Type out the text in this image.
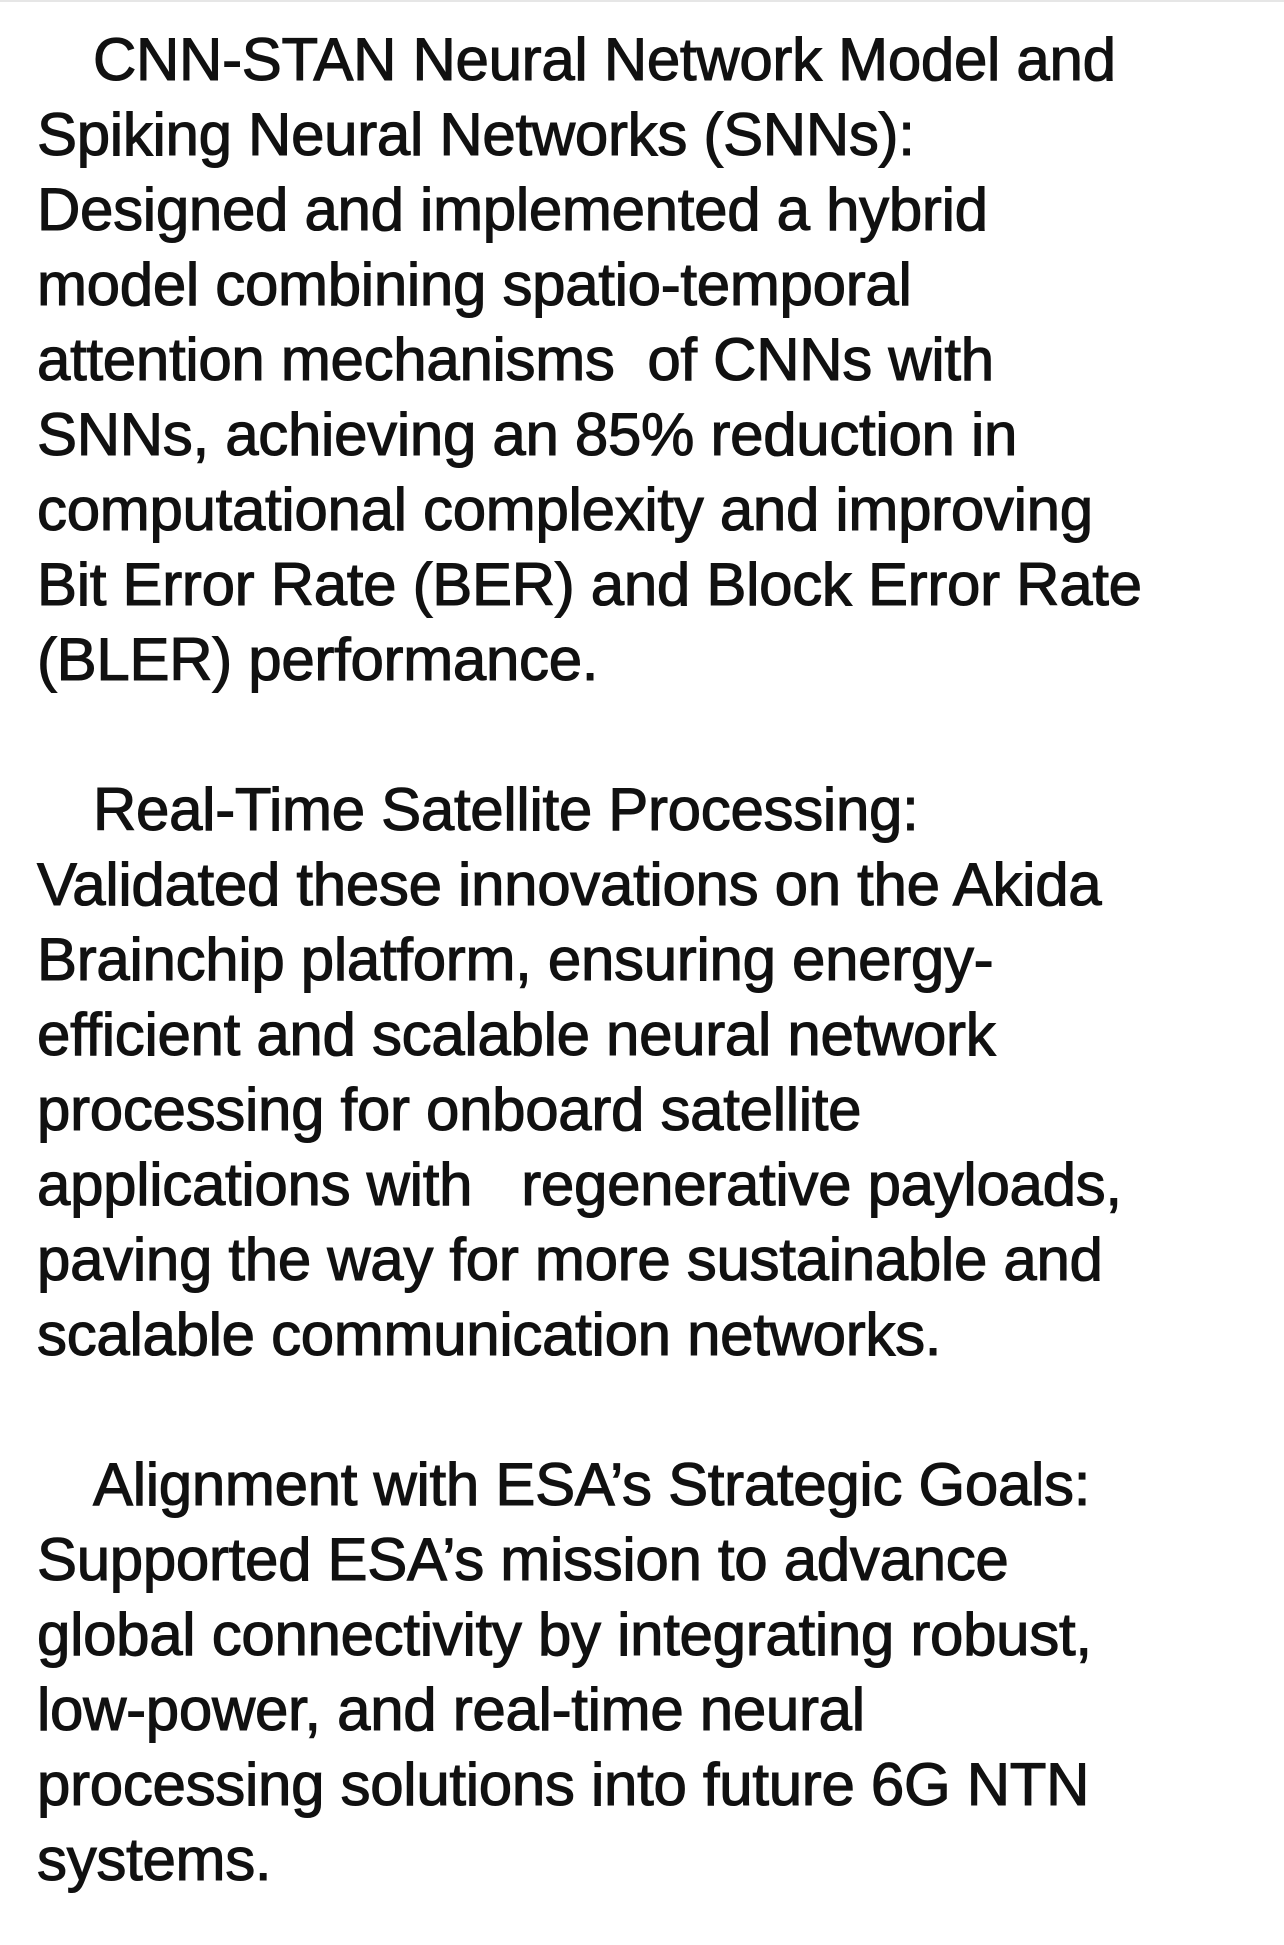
CNN-STAN Neural Network Model and
Spiking Neural Networks (SNNs):
Designed and implemented a hybrid
model combining spatio-temporal
attention mechanisms  of CNNs with
SNNs, achieving an 85% reduction in
computational complexity and improving
Bit Error Rate (BER) and Block Error Rate
(BLER) performance.

Real-Time Satellite Processing:
Validated these innovations on the Akida
Brainchip platform, ensuring energy-
efficient and scalable neural network
processing for onboard satellite
applications with   regenerative payloads,
paving the way for more sustainable and
scalable communication networks.

Alignment with ESA’s Strategic Goals:
Supported ESA’s mission to advance
global connectivity by integrating robust,
low-power, and real-time neural
processing solutions into future 6G NTN
systems.
